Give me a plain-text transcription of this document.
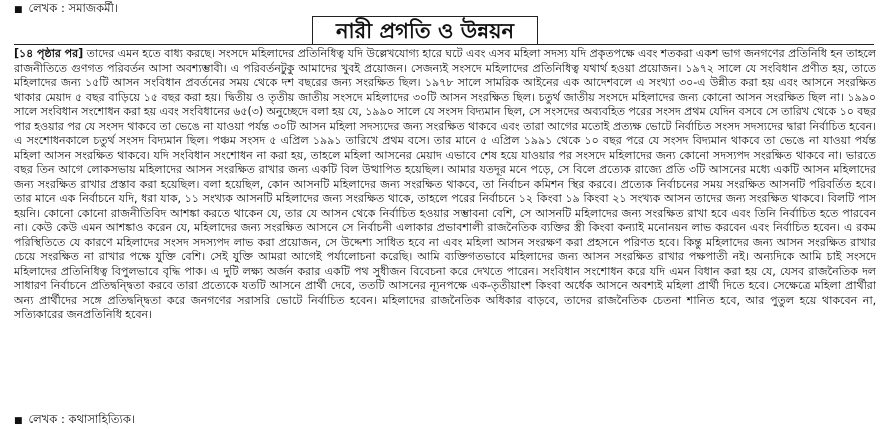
■ লেখক : সমাজকর্মী।
নারী প্রগতি ও উন্নয়ন
[১৪ পৃষ্ঠার পর] তাদের এমন হতে বাধ্য করছে। সংসদে মহিলাদের প্রতিনিধিত্ব যদি উল্লেখযোগ্য হারে ঘটে এবং এসব মহিলা সদস্য যদি প্রকৃতপক্ষে এবং শতকরা একশ ভাগ জনগণের প্রতিনিধি হন তাহলে রাজনীতিতে গুণগত পরিবর্তন আসা অবশ্যম্ভাবী। এ পরিবর্তনটুকু আমাদের খুবই প্রয়োজন। সেজন্যই সংসদে মহিলাদের প্রতিনিধিত্ব যথার্থ হওয়া প্রয়োজন। ১৯৭২ সালে যে সংবিধান প্রণীত হয়, তাতে মহিলাদের জন্য ১৫টি আসন সংবিধান প্রবর্তনের সময় থেকে দশ বছরের জন্য সংরক্ষিত ছিল। ১৯৭৮ সালে সামরিক আইনের এক আদেশবলে এ সংখ্যা ৩০-এ উন্নীত করা হয় এবং আসনে সংরক্ষিত থাকার মেয়াদ ৫ বছর বাড়িয়ে ১৫ বছর করা হয়। দ্বিতীয় ও তৃতীয় জাতীয় সংসদে মহিলাদের ৩০টি আসন সংরক্ষিত ছিল। চতুর্থ জাতীয় সংসদে মহিলাদের জন্য কোনো আসন সংরক্ষিত ছিল না। ১৯৯০ সালে সংবিধান সংশোধন করা হয় এবং সংবিধানের ৬৫(৩) অনুচ্ছেদে বলা হয় যে, ১৯৯০ সালে যে সংসদ বিদ্যমান ছিল, সে সংসদের অব্যবহিত পরের সংসদ প্রথম যেদিন বসবে সে তারিখ থেকে ১০ বছর পার হওয়ার পর যে সংসদ থাকবে তা ভেঙে না যাওয়া পর্যন্ত ৩০টি আসন মহিলা সদস্যদের জন্য সংরক্ষিত থাকবে এবং তারা আগের মতোই প্রত্যক্ষ ভোটে নির্বাচিত সংসদ সদস্যদের দ্বারা নির্বাচিত হবেন। এ সংশোধনকালে চতুর্থ সংসদ বিদ্যমান ছিল। পঞ্চম সংসদ ৫ এপ্রিল ১৯৯১ তারিখে প্রথম বসে। তার মানে ৫ এপ্রিল ১৯৯১ থেকে ১০ বছর পরে যে সংসদ বিদ্যমান থাকবে তা ভেঙে না যাওয়া পর্যন্ত মহিলা আসন সংরক্ষিত থাকবে। যদি সংবিধান সংশোধন না করা হয়, তাহলে মহিলা আসনের মেয়াদ এভাবে শেষ হয়ে যাওয়ার পর সংসদে মহিলাদের জন্য কোনো সদস্যপদ সংরক্ষিত থাকবে না। ভারতে বছর তিন আগে লোকসভায় মহিলাদের আসন সংরক্ষিত রাখার জন্য একটি বিল উত্থাপিত হয়েছিল। আমার যতদূর মনে পড়ে, সে বিলে প্রত্যেক রাজ্যে প্রতি ৩টি আসনের মধ্যে একটি আসন মহিলাদের জন্য সংরক্ষিত রাখার প্রস্তাব করা হয়েছিল। বলা হয়েছিল, কোন আসনটি মহিলাদের জন্য সংরক্ষিত থাকবে, তা নির্বাচন কমিশন স্থির করবে। প্রত্যেক নির্বাচনের সময় সংরক্ষিত আসনটি পরিবর্তিত হবে। তার মানে এক নির্বাচনে যদি, ধরা যাক, ১১ সংখ্যক আসনটি মহিলাদের জন্য সংরক্ষিত থাকে, তাহলে পরের নির্বাচনে ১২ কিংবা ১৯ কিংবা ২১ সংখ্যক আসন তাদের জন্য সংরক্ষিত থাকবে। বিলটি পাস হয়নি। কোনো কোনো রাজনীতিবিদ আশঙ্কা করতে থাকেন যে, তার যে আসন থেকে নির্বাচিত হওয়ার সম্ভাবনা বেশি, সে আসনটি মহিলাদের জন্য সংরক্ষিত রাখা হবে এবং তিনি নির্বাচিত হতে পারবেন না। কেউ কেউ এমন আশঙ্কাও করেন যে, মহিলাদের জন্য সংরক্ষিত আসনে সে নির্বাচনী এলাকার প্রভাবশালী রাজনৈতিক ব্যক্তির স্ত্রী কিংবা কন্যাই মনোনয়ন লাভ করবেন এবং নির্বাচিত হবেন। এ রকম পরিস্থিতিতে যে কারণে মহিলাদের সংসদ সদস্যপদ লাভ করা প্রয়োজন, সে উদ্দেশ্য সাধিত হবে না এবং মহিলা আসন সংরক্ষণ করা প্রহসনে পরিণত হবে। কিন্তু মহিলাদের জন্য আসন সংরক্ষিত রাখার চেয়ে সংরক্ষিত না রাখার পক্ষে যুক্তি বেশি। সেই যুক্তি আমরা আগেই পর্যালোচনা করেছি। আমি ব্যক্তিগতভাবে মহিলাদের জন্য আসন সংরক্ষিত রাখার পক্ষপাতী নই। অন্যদিকে আমি চাই সংসদে মহিলাদের প্রতিনিধিত্ব বিপুলভাবে বৃদ্ধি পাক। এ দুটি লক্ষ্য অর্জন করার একটি পথ সুধীজন বিবেচনা করে দেখতে পারেন। সংবিধান সংশোধন করে যদি এমন বিধান করা হয় যে, যেসব রাজনৈতিক দল সাধারণ নির্বাচনে প্রতিদ্বন্দ্বিতা করবে তারা প্রত্যেকে যতটি আসনে প্রার্থী দেবে, ততটি আসনের ন্যূনপক্ষে এক-তৃতীয়াংশ কিংবা অর্ধেক আসনে অবশ্যই মহিলা প্রার্থী দিতে হবে। সেক্ষেত্রে মহিলা প্রার্থীরা অন্য প্রার্থীদের সঙ্গে প্রতিদ্বন্দ্বিতা করে জনগণের সরাসরি ভোটে নির্বাচিত হবেন। মহিলাদের রাজনৈতিক অধিকার বাড়বে, তাদের রাজনৈতিক চেতনা শানিত হবে, আর পুতুল হয়ে থাকবেন না, সত্যিকারের জনপ্রতিনিধি হবেন।
■ লেখক : কথাসাহিত্যিক।
